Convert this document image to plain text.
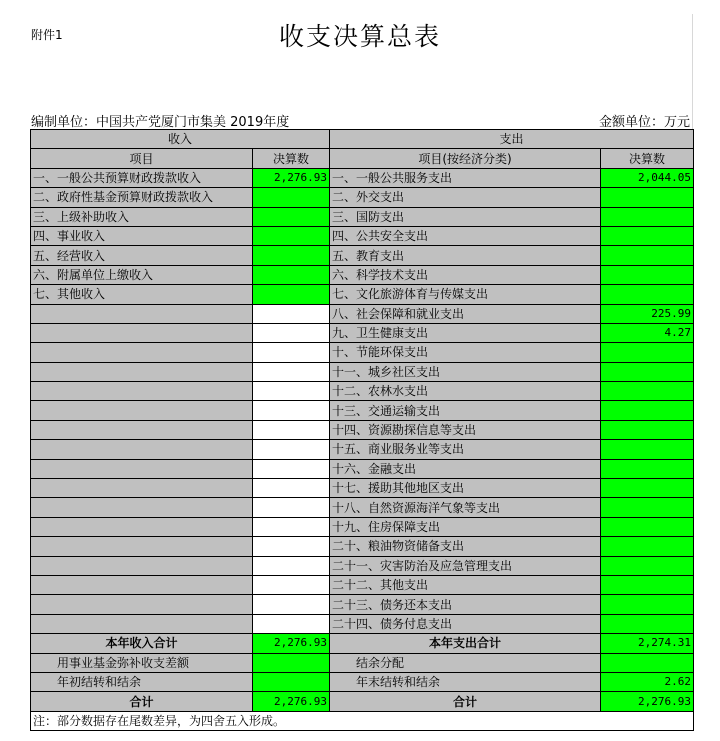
附件1	收支决算总表
编制单位：中国共产党厦门市集美 2019年度	金额单位：万元
收入		支出	
项目	决算数	项目(按经济分类)	决算数
一、一般公共预算财政拨款收入	2,276.93	一、一般公共服务支出	2,044.05
二、政府性基金预算财政拨款收入		二、外交支出	
三、上级补助收入		三、国防支出	
四、事业收入		四、公共安全支出	
五、经营收入		五、教育支出	
六、附属单位上缴收入		六、科学技术支出	
七、其他收入		七、文化旅游体育与传媒支出	
		八、社会保障和就业支出	225.99
		九、卫生健康支出	4.27
		十、节能环保支出	
		十一、城乡社区支出	
		十二、农林水支出	
		十三、交通运输支出	
		十四、资源勘探信息等支出	
		十五、商业服务业等支出	
		十六、金融支出	
		十七、援助其他地区支出	
		十八、自然资源海洋气象等支出	
		十九、住房保障支出	
		二十、粮油物资储备支出	
		二十一、灾害防治及应急管理支出	
		二十二、其他支出	
		二十三、债务还本支出	
		二十四、债务付息支出	
本年收入合计	2,276.93	本年支出合计	2,274.31
用事业基金弥补收支差额		结余分配	
年初结转和结余		年末结转和结余	2.62
合计	2,276.93	合计	2,276.93
注：部分数据存在尾数差异，为四舍五入形成。			
